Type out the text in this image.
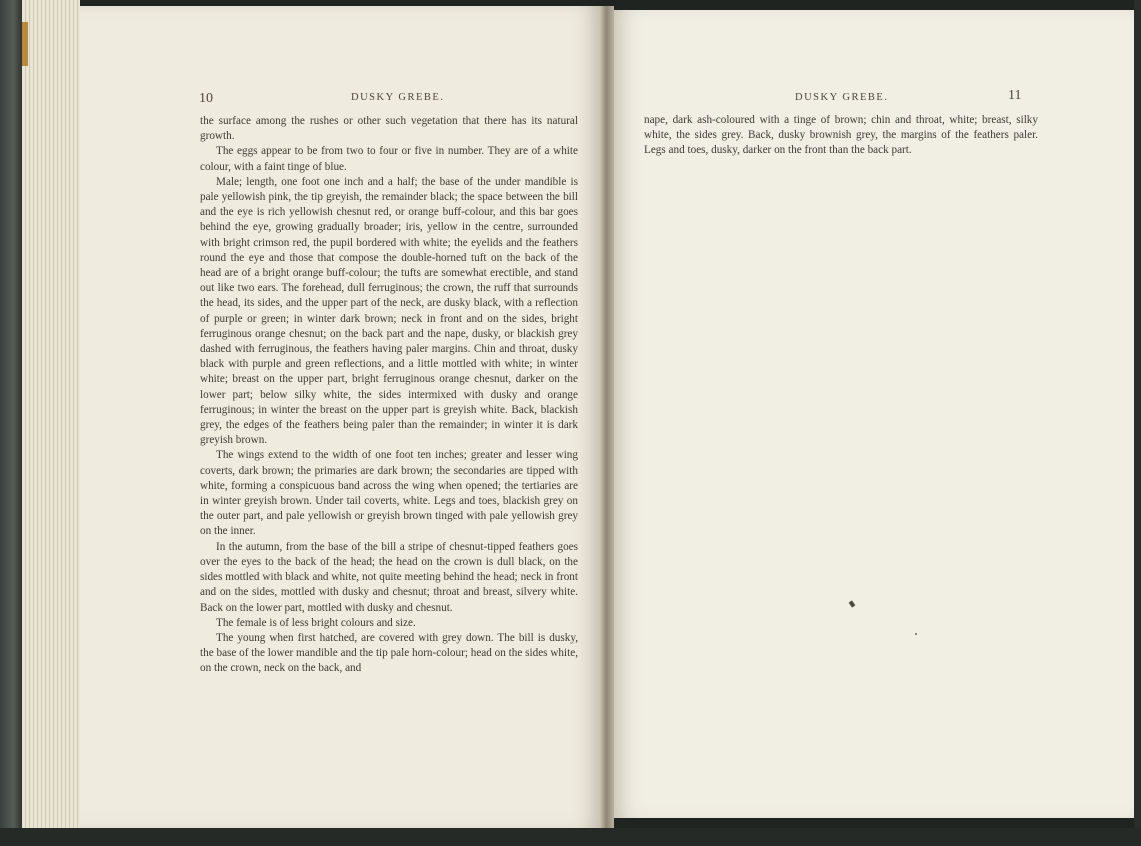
10	DUSKY GREBE.

the surface among the rushes or other such vegetation that there has its natural growth.

The eggs appear to be from two to four or five in number. They are of a white colour, with a faint tinge of blue.

Male; length, one foot one inch and a half; the base of the under mandible is pale yellowish pink, the tip greyish, the remainder black; the space between the bill and the eye is rich yellowish chesnut red, or orange buff-colour, and this bar goes behind the eye, growing gradually broader; iris, yellow in the centre, surrounded with bright crimson red, the pupil bordered with white; the eyelids and the feathers round the eye and those that compose the double-horned tuft on the back of the head are of a bright orange buff-colour; the tufts are somewhat erectible, and stand out like two ears. The forehead, dull ferruginous; the crown, the ruff that surrounds the head, its sides, and the upper part of the neck, are dusky black, with a reflection of purple or green; in winter dark brown; neck in front and on the sides, bright ferruginous orange chesnut; on the back part and the nape, dusky, or blackish grey dashed with ferruginous, the feathers having paler margins. Chin and throat, dusky black with purple and green reflections, and a little mottled with white; in winter white; breast on the upper part, bright ferruginous orange chesnut, darker on the lower part; below silky white, the sides intermixed with dusky and orange ferruginous; in winter the breast on the upper part is greyish white. Back, blackish grey, the edges of the feathers being paler than the remainder; in winter it is dark greyish brown.

The wings extend to the width of one foot ten inches; greater and lesser wing coverts, dark brown; the primaries are dark brown; the secondaries are tipped with white, forming a conspicuous band across the wing when opened; the tertiaries are in winter greyish brown. Under tail coverts, white. Legs and toes, blackish grey on the outer part, and pale yellowish or greyish brown tinged with pale yellowish grey on the inner.

In the autumn, from the base of the bill a stripe of chesnut-tipped feathers goes over the eyes to the back of the head; the head on the crown is dull black, on the sides mottled with black and white, not quite meeting behind the head; neck in front and on the sides, mottled with dusky and chesnut; throat and breast, silvery white. Back on the lower part, mottled with dusky and chesnut.

The female is of less bright colours and size.

The young when first hatched, are covered with grey down. The bill is dusky, the base of the lower mandible and the tip pale horn-colour; head on the sides white, on the crown, neck on the back, and

DUSKY GREBE.	11

nape, dark ash-coloured with a tinge of brown; chin and throat, white; breast, silky white, the sides grey. Back, dusky brownish grey, the margins of the feathers paler. Legs and toes, dusky, darker on the front than the back part.
